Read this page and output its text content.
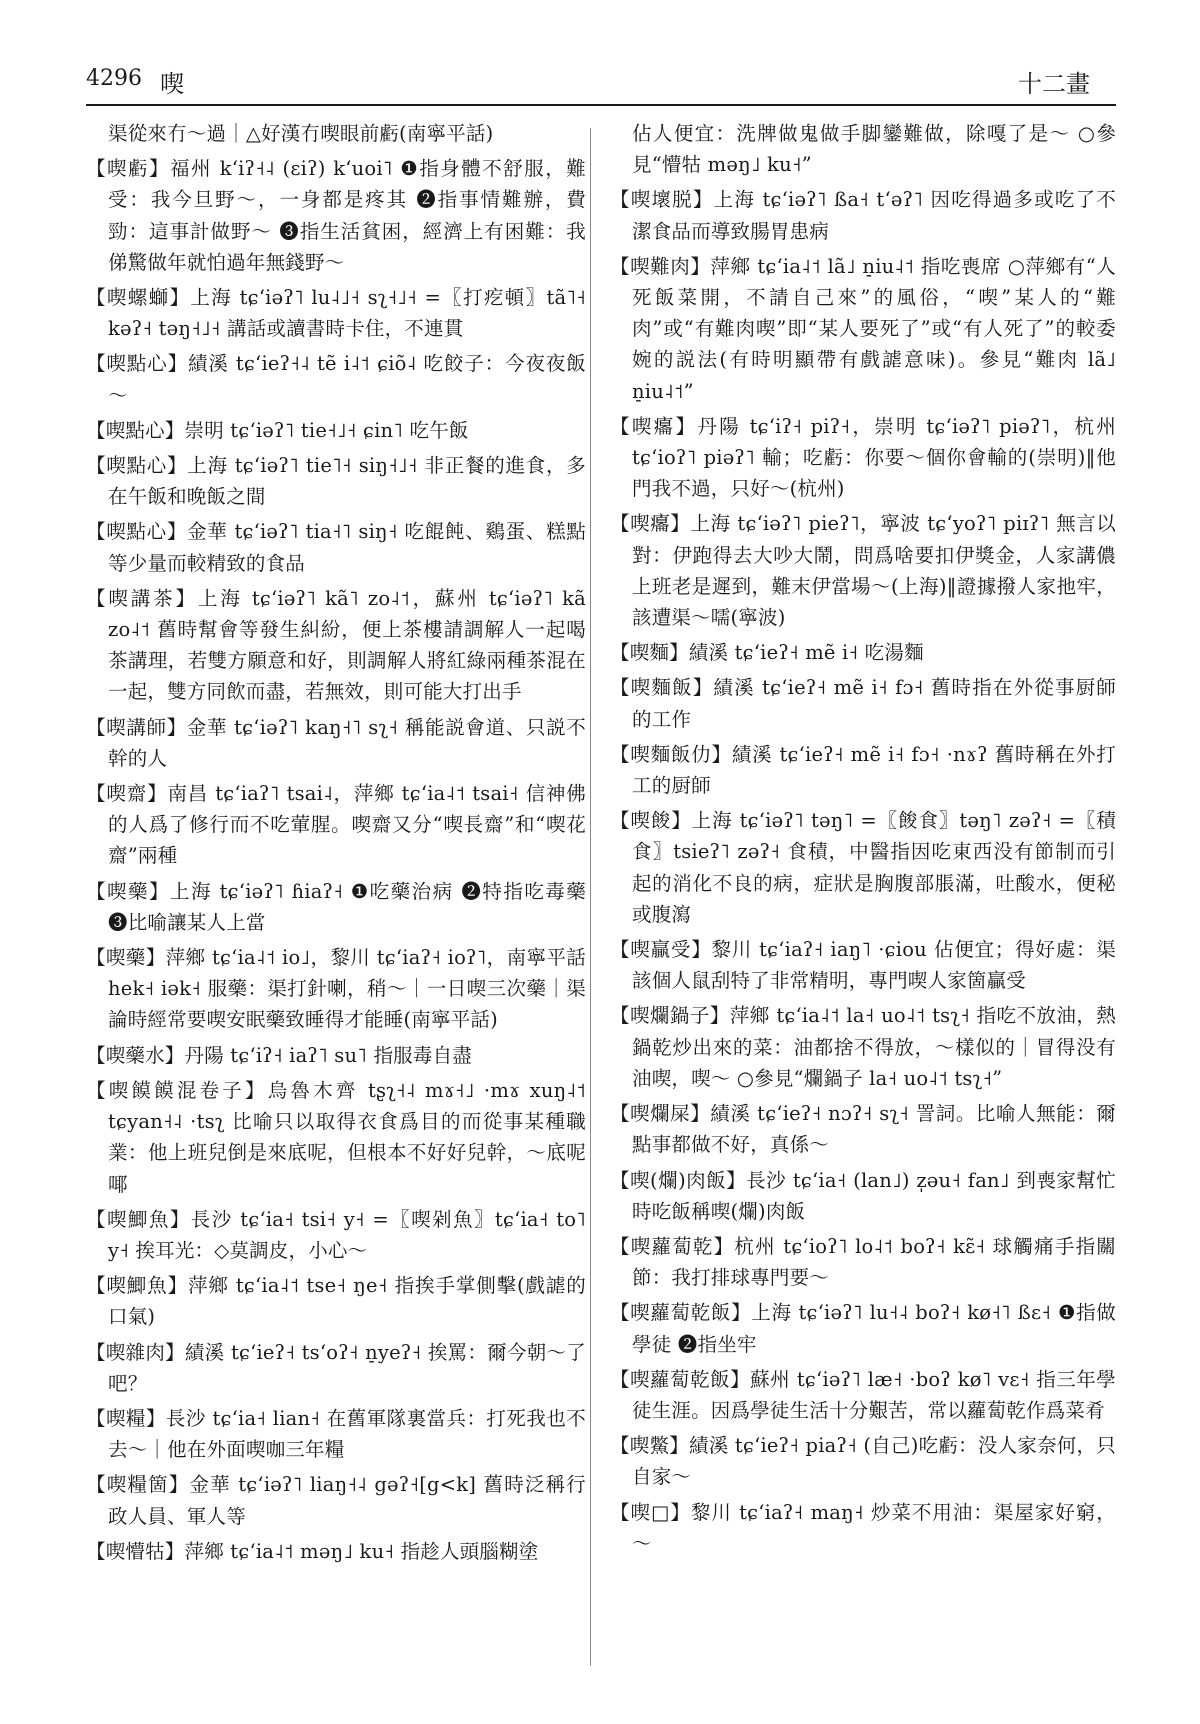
4296 喫	十二畫

渠從來冇～過｜△好漢冇喫眼前虧(南寧平話)

【喫虧】福州 kʻiʔ˧˨ (ɛiʔ) kʻuoi˥ ❶指身體不舒服，難受：我今旦野～，一身都是疼其 ❷指事情難辦，費勁：這事計做野～ ❸指生活貧困，經濟上有困難：我俤驚做年就怕過年無錢野～

【喫螺螄】上海 tɕʻiəʔ˥ lu˨˩˧ sʅ˧˩˧ =〖打疙頓〗tã˥˧ kəʔ˧ təŋ˧˩˧ 講話或讀書時卡住，不連貫

【喫點心】績溪 tɕʻieʔ˧˨ tẽ i˨˦ ɕiõ˨ 吃餃子：今夜夜飯～

【喫點心】崇明 tɕʻiəʔ˥ tie˧˩˧ ɕin˥ 吃午飯

【喫點心】上海 tɕʻiəʔ˥ tie˥˧ siŋ˧˩˧ 非正餐的進食，多在午飯和晚飯之間

【喫點心】金華 tɕʻiəʔ˥ tia˧˥ siŋ˧ 吃餛飩、鷄蛋、糕點等少量而較精致的食品

【喫講茶】上海 tɕʻiəʔ˥ kã˥ zo˨˦，蘇州 tɕʻiəʔ˥ kã zo˨˦ 舊時幫會等發生糾紛，便上茶樓請調解人一起喝茶講理，若雙方願意和好，則調解人將紅綠兩種茶混在一起，雙方同飲而盡，若無效，則可能大打出手

【喫講師】金華 tɕʻiəʔ˥ kaŋ˧˥ sʅ˧ 稱能説會道、只説不幹的人

【喫齋】南昌 tɕʻiaʔ˥ tsai˨，萍鄉 tɕʻia˨˦ tsai˧ 信神佛的人爲了修行而不吃葷腥。喫齋又分“喫長齋”和“喫花齋”兩種

【喫藥】上海 tɕʻiəʔ˥ ɦiaʔ˧ ❶吃藥治病 ❷特指吃毒藥 ❸比喻讓某人上當

【喫藥】萍鄉 tɕʻia˨˦ io˩，黎川 tɕʻiaʔ˧ ioʔ˥，南寧平話 hek˧ iək˧ 服藥：渠打針喇，稍～｜一日喫三次藥｜渠論時經常要喫安眠藥致睡得才能睡(南寧平話)

【喫藥水】丹陽 tɕʻiʔ˧ iaʔ˥ su˥ 指服毒自盡

【喫饃饃混卷子】烏魯木齊 tʂʅ˧˨ mɤ˧˩ ·mɤ xuŋ˨˦ tɕyan˧˨ ·tsʅ 比喻只以取得衣食爲目的而從事某種職業：他上班兒倒是來底呢，但根本不好好兒幹，～底呢㖿

【喫鯽魚】長沙 tɕʻia˧ tsi˧ y˧ =〖喫剁魚〗tɕʻia˧ to˥ y˧ 挨耳光：◇莫調皮，小心～

【喫鯽魚】萍鄉 tɕʻia˨˦ tse˧ ŋe˧ 指挨手掌側擊(戲謔的口氣)

【喫雜肉】績溪 tɕʻieʔ˧ tsʻoʔ˧ n̠yeʔ˧ 挨罵：爾今朝～了吧？

【喫糧】長沙 tɕʻia˧ lian˧ 在舊軍隊裏當兵：打死我也不去～｜他在外面喫咖三年糧

【喫糧箇】金華 tɕʻiəʔ˥ liaŋ˧˨ gəʔ˧[g<k] 舊時泛稱行政人員、軍人等

【喫懵牯】萍鄉 tɕʻia˨˦ məŋ˩ ku˧ 指趁人頭腦糊塗

佔人便宜：洗牌做鬼做手脚鑾難做，除嘎了是～ ○參見“懵牯 məŋ˩ ku˧”

【喫壞脱】上海 tɕʻiəʔ˥ ßa˧ tʻəʔ˥ 因吃得過多或吃了不潔食品而導致腸胃患病

【喫難肉】萍鄉 tɕʻia˨˦ lã˩ n̠iu˨˦ 指吃喪席 ○萍鄉有“人死飯菜開，不請自己來”的風俗，“喫”某人的“難肉”或“有難肉喫”即“某人要死了”或“有人死了”的較委婉的説法(有時明顯帶有戲謔意味)。參見“難肉 lã˩ n̠iu˨˦”

【喫癟】丹陽 tɕʻiʔ˧ piʔ˧，崇明 tɕʻiəʔ˥ piəʔ˥，杭州 tɕʻioʔ˥ piəʔ˥ 輸；吃虧：你要～個你會輸的(崇明)‖他門我不過，只好～(杭州)

【喫癟】上海 tɕʻiəʔ˥ pieʔ˥，寧波 tɕʻyoʔ˥ piɪʔ˥ 無言以對：伊跑得去大吵大鬧，問爲啥要扣伊獎金，人家講儂上班老是遲到，難末伊當場～(上海)‖證據撥人家扡牢，該遭渠～嚅(寧波)

【喫麵】績溪 tɕʻieʔ˧ mẽ i˧ 吃湯麵

【喫麵飯】績溪 tɕʻieʔ˧ mẽ i˧ fɔ˧ 舊時指在外從事厨師的工作

【喫麵飯仂】績溪 tɕʻieʔ˧ mẽ i˧ fɔ˧ ·nɤʔ 舊時稱在外打工的厨師

【喫餕】上海 tɕʻiəʔ˥ təŋ˥ =〖餕食〗təŋ˥ zəʔ˧ =〖積食〗tsieʔ˥ zəʔ˧ 食積，中醫指因吃東西没有節制而引起的消化不良的病，症狀是胸腹部脹滿，吐酸水，便秘或腹瀉

【喫贏受】黎川 tɕʻiaʔ˧ iaŋ˥ ·ɕiou 佔便宜；得好處：渠該個人鼠刮特了非常精明，專門喫人家箇贏受

【喫爛鍋子】萍鄉 tɕʻia˨˦ la˧ uo˨˦ tsʅ˧ 指吃不放油，熱鍋乾炒出來的菜：油都捨不得放，～樣似的｜冒得没有油喫，喫～ ○參見“爛鍋子 la˧ uo˨˦ tsʅ˧”

【喫爛屎】績溪 tɕʻieʔ˧ nɔʔ˧ sʅ˧ 詈詞。比喻人無能：爾點事都做不好，真係～

【喫(爛)肉飯】長沙 tɕʻia˧ (lan˩) z̩əu˧ fan˩ 到喪家幫忙時吃飯稱喫(爛)肉飯

【喫蘿蔔乾】杭州 tɕʻioʔ˥ lo˨˦ boʔ˧ kɛ̃˧ 球觸痛手指關節：我打排球專門要～

【喫蘿蔔乾飯】上海 tɕʻiəʔ˥ lu˧˨ boʔ˧ kø˧˥ ßɛ˧ ❶指做學徒 ❷指坐牢

【喫蘿蔔乾飯】蘇州 tɕʻiəʔ˥ læ˧ ·boʔ kø˥ vɛ˧ 指三年學徒生涯。因爲學徒生活十分艱苦，常以蘿蔔乾作爲菜肴

【喫鱉】績溪 tɕʻieʔ˧ piaʔ˧ (自己)吃虧：没人家奈何，只自家～

【喫□】黎川 tɕʻiaʔ˧ maŋ˧ 炒菜不用油：渠屋家好窮，～
